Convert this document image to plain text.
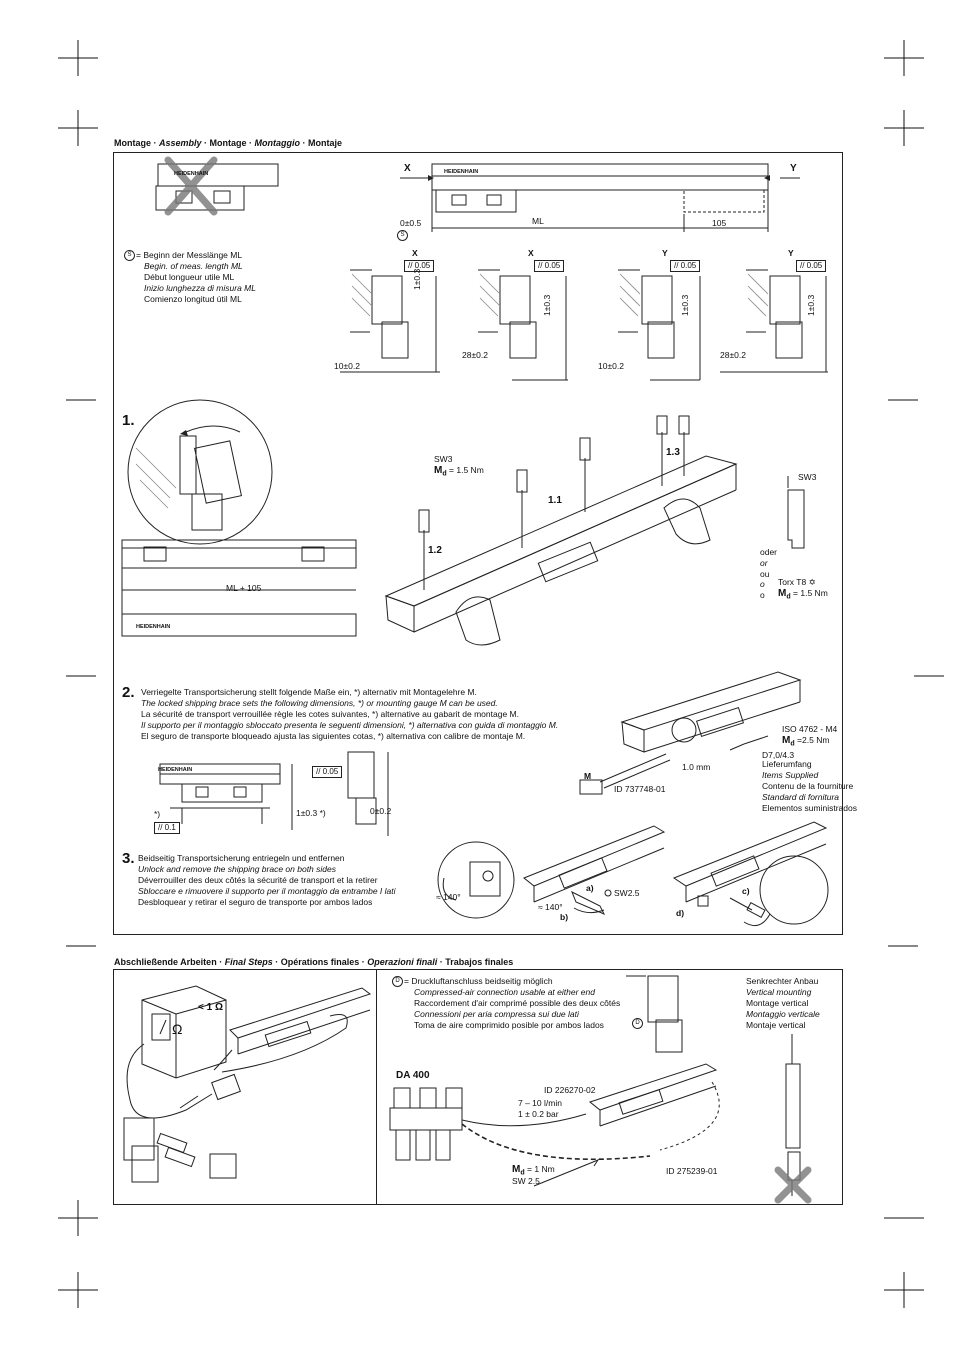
Montage · Assembly · Montage · Montaggio · Montaje
X	Y
HEIDENHAIN
HEIDENHAIN
0±0.5	ML	105
S
S = Beginn der Messlänge ML
Begin. of meas. length ML
Début longueur utile ML
Inizio lunghezza di misura ML
Comienzo longitud útil ML
X	X	Y	Y
// 0.05	// 0.05	// 0.05	// 0.05
1±0.3
1±0.3	1±0.3	1±0.3
10±0.2
28±0.2
10±0.2
28±0.2
1.
SW3
$M_d = 1.5$ Nm
1.1
1.2
1.3
ML + 105
HEIDENHAIN
SW3
oder
or
ou
o
o
Torx T8 ✡
$M_d = 1.5$ Nm
2. Verriegelte Transportsicherung stellt folgende Maße ein, *) alternativ mit Montagelehre M.
The locked shipping brace sets the following dimensions, *) or mounting gauge M can be used.
La sécurité de transport verrouillée règle les cotes suivantes, *) alternative au gabarit de montage M.
Il supporto per il montaggio sbloccato presenta le seguenti dimensioni, *) alternativa con guida di montaggio M.
El seguro de transporte bloqueado ajusta las siguientes cotas, *) alternativa con calibre de montaje M.
HEIDENHAIN
*)
// 0.1
// 0.05
1±0.3 *)	0±0.2
ISO 4762 - M4
$M_d =2.5$ Nm
D7,0/4.3
Lieferumfang
Items Supplied
Contenu de la fourniture
Standard di fornitura
Elementos suministrados
1.0 mm
M
ID 737748-01
3. Beidseitig Transportsicherung entriegeln und entfernen
Unlock and remove the shipping brace on both sides
Déverrouiller des deux côtés la sécurité de transport et la retirer
Sbloccare e rimuovere il supporto per il montaggio da entrambe I lati
Desbloquear y retirar el seguro de transporte por ambos lados	≈ 140°
a) SW2.5
≈ 140°
b)
c)
d)
Abschließende Arbeiten · Final Steps · Opérations finales · Operazioni finali · Trabajos finales
< 1 Ω
Ω
D = Druckluftanschluss beidseitig möglich
Compressed-air connection usable at either end
Raccordement d'air comprimé possible des deux côtés
Connessioni per aria compressa sui due lati
Toma de aire comprimido posible por ambos lados	D
Senkrechter Anbau
Vertical mounting
Montage vertical
Montaggio verticale
Montaje vertical
DA 400
ID 226270-02
7 – 10 l/min
1 ± 0.2 bar
$M_d = 1$ Nm
SW 2.5
ID 275239-01
